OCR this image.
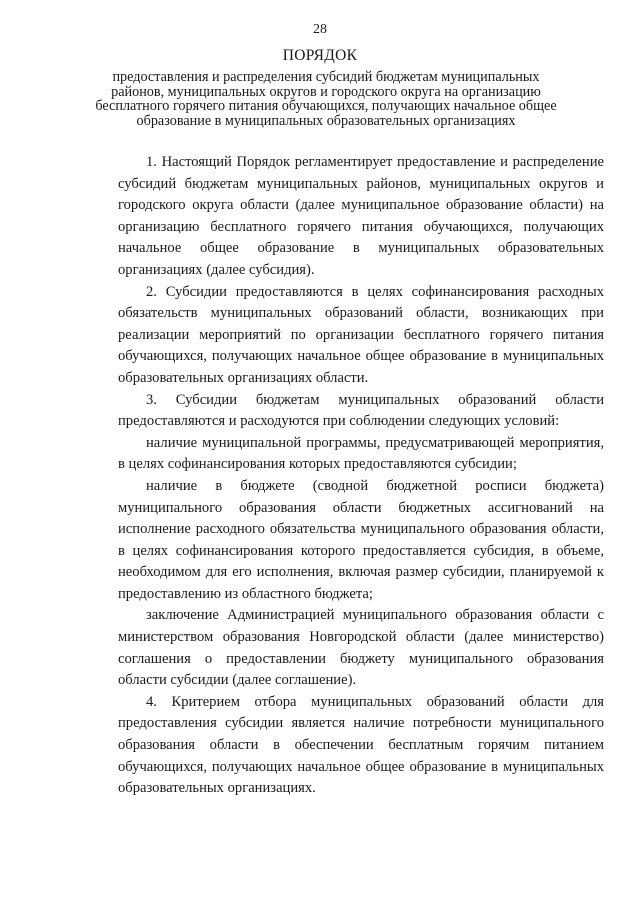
28
ПОРЯДОК
предоставления и распределения субсидий бюджетам муниципальных районов, муниципальных округов и городского округа на организацию бесплатного горячего питания обучающихся, получающих начальное общее образование в муниципальных образовательных организациях

1. Настоящий Порядок регламентирует предоставление и распределение субсидий бюджетам муниципальных районов, муниципальных округов и городского округа области (далее муниципальное образование области) на организацию бесплатного горячего питания обучающихся, получающих начальное общее образование в муниципальных образовательных организациях (далее субсидия).

2. Субсидии предоставляются в целях софинансирования расходных обязательств муниципальных образований области, возникающих при реализации мероприятий по организации бесплатного горячего питания обучающихся, получающих начальное общее образование в муниципальных образовательных организациях области.

3. Субсидии бюджетам муниципальных образований области предоставляются и расходуются при соблюдении следующих условий:

наличие муниципальной программы, предусматривающей мероприятия, в целях софинансирования которых предоставляются субсидии;

наличие в бюджете (сводной бюджетной росписи бюджета) муниципального образования области бюджетных ассигнований на исполнение расходного обязательства муниципального образования области, в целях софинансирования которого предоставляется субсидия, в объеме, необходимом для его исполнения, включая размер субсидии, планируемой к предоставлению из областного бюджета;

заключение Администрацией муниципального образования области с министерством образования Новгородской области (далее министерство) соглашения о предоставлении бюджету муниципального образования области субсидии (далее соглашение).

4. Критерием отбора муниципальных образований области для предоставления субсидии является наличие потребности муниципального образования области в обеспечении бесплатным горячим питанием обучающихся, получающих начальное общее образование в муниципальных образовательных организациях.
